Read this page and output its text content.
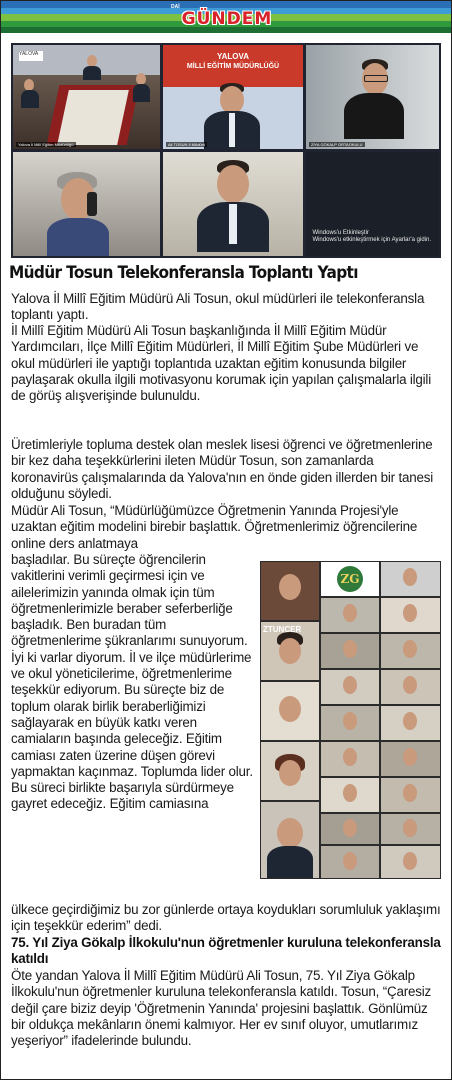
DAİ
GÜNDEM
YALOVA
Yalova İl Millî Eğitim Müdürlüğü
YALOVA
MİLLİ EĞİTİM MÜDÜRLÜĞÜ
Ali TOSUN İl Müdürü	ZİYA GÖKALP ORTAOKULU
Windows'u Etkinleştir
Windows'u etkinleştirmek için Ayarlar'a gidin.
Müdür Tosun Telekonferansla Toplantı Yaptı
Yalova İl Millî Eğitim Müdürü Ali Tosun, okul müdürleri ile telekonferansla toplantı yaptı.
İl Millî Eğitim Müdürü Ali Tosun başkanlığında İl Millî Eğitim Müdür Yardımcıları, İlçe Millî Eğitim Müdürleri, İl Millî Eğitim Şube Müdürleri ve okul müdürleri ile yaptığı toplantıda uzaktan eğitim konusunda bilgiler paylaşarak okulla ilgili motivasyonu korumak için yapılan çalışmalarla ilgili de görüş alışverişinde bulunuldu.
Üretimleriyle topluma destek olan meslek lisesi öğrenci ve öğretmenlerine bir kez daha teşekkürlerini ileten Müdür Tosun, son zamanlarda koronavirüs çalışmalarında da Yalova'nın en önde giden illerden bir tanesi olduğunu söyledi.
Müdür Ali Tosun, “Müdürlüğümüzce Öğretmenin Yanında Projesi'yle uzaktan eğitim modelini birebir başlattık. Öğretmenlerimiz öğrencilerine online ders anlatmaya
başladılar. Bu süreçte öğrencilerin vakitlerini verimli geçirmesi için ve ailelerimizin yanında olmak için tüm öğretmenlerimizle beraber seferberliğe başladık. Ben buradan tüm öğretmenlerime şükranlarımı sunuyorum. İyi ki varlar diyorum. İl ve ilçe müdürlerime ve okul yöneticilerime, öğretmenlerime teşekkür ediyorum. Bu süreçte biz de toplum olarak birlik beraberliğimizi sağlayarak en büyük katkı veren camiaların başında geleceğiz. Eğitim camiası zaten üzerine düşen görevi yapmaktan kaçınmaz. Toplumda lider olur. Bu süreci birlikte başarıyla sürdürmeye gayret edeceğiz. Eğitim camiasına
ülkece geçirdiğimiz bu zor günlerde ortaya koydukları sorumluluk yaklaşımı için teşekkür ederim” dedi.
75. Yıl Ziya Gökalp İlkokulu'nun öğretmenler kuruluna telekonferansla katıldı
Öte yandan Yalova İl Millî Eğitim Müdürü Ali Tosun, 75. Yıl Ziya Gökalp İlkokulu'nun öğretmenler kuruluna telekonferansla katıldı. Tosun, “Çaresiz değil çare biziz deyip 'Öğretmenin Yanında' projesini başlattık. Gönlümüz bir oldukça mekânların önemi kalmıyor. Her ev sınıf oluyor, umutlarımız yeşeriyor” ifadelerinde bulundu.
ZG
ZTUNCER
